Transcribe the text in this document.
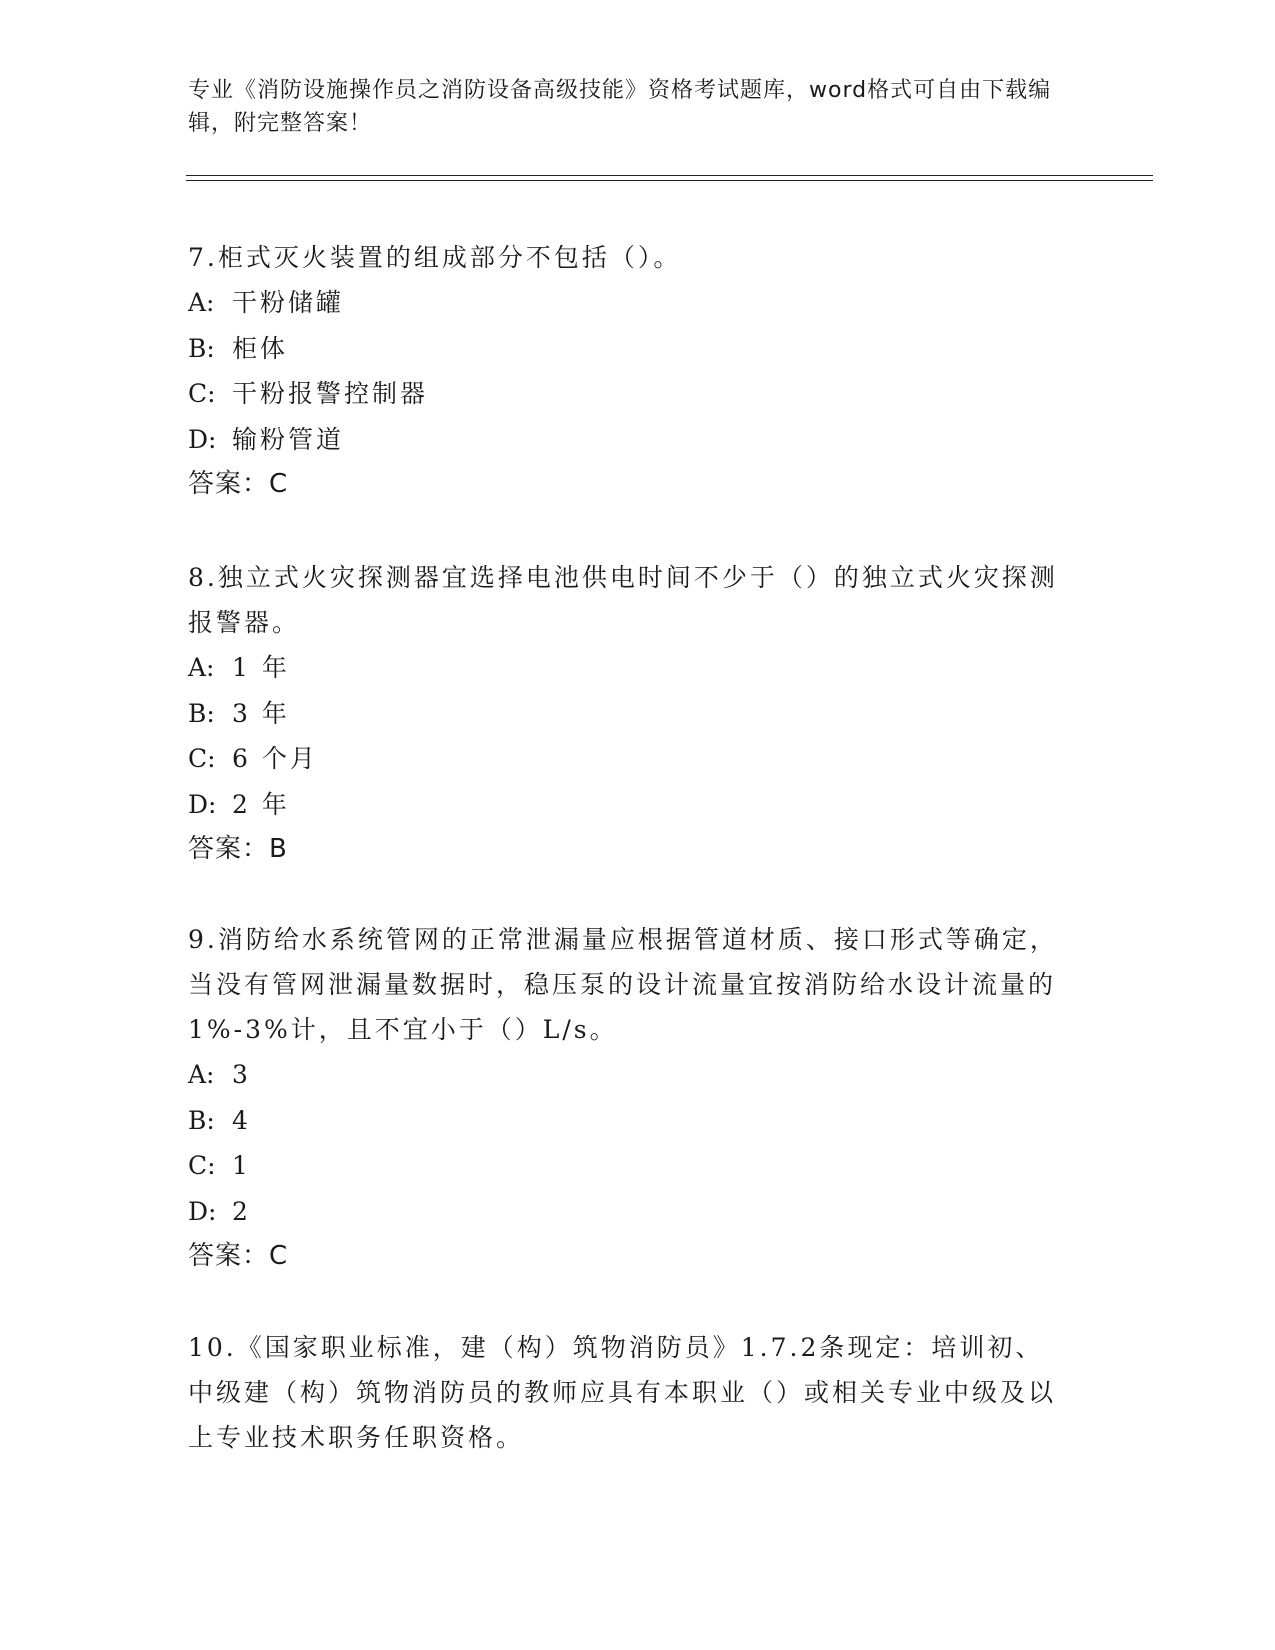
专业《消防设施操作员之消防设备高级技能》资格考试题库，word格式可自由下载编辑，附完整答案！

7.柜式灭火装置的组成部分不包括（）。

A: 干粉储罐
B: 柜体
C: 干粉报警控制器
D: 输粉管道
答案：C

8.独立式火灾探测器宜选择电池供电时间不少于（）的独立式火灾探测报警器。

A: 1 年
B: 3 年
C: 6 个月
D: 2 年
答案：B

9.消防给水系统管网的正常泄漏量应根据管道材质、接口形式等确定，当没有管网泄漏量数据时，稳压泵的设计流量宜按消防给水设计流量的 1%-3%计，且不宜小于（）L/s。

A: 3
B: 4
C: 1
D: 2
答案：C

10.《国家职业标准，建（构）筑物消防员》1.7.2条现定：培训初、中级建（构）筑物消防员的教师应具有本职业（）或相关专业中级及以上专业技术职务任职资格。
